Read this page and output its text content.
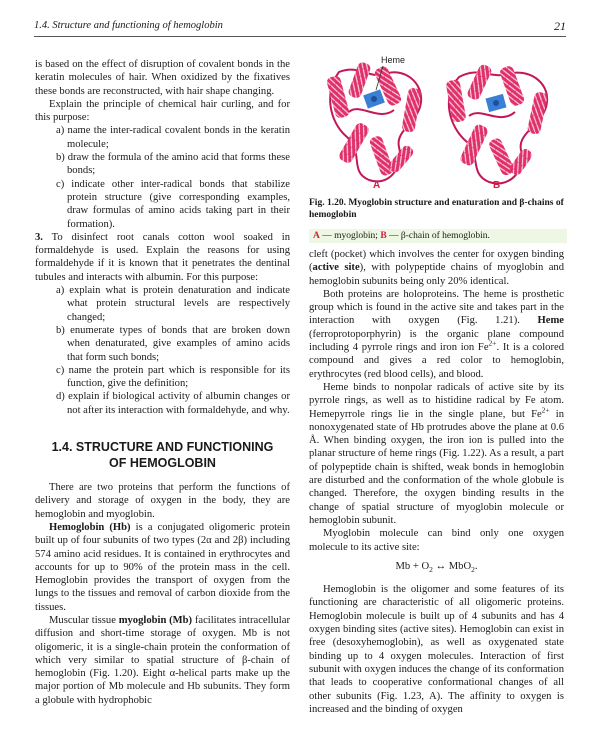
1.4. Structure and functioning of hemoglobin	21

is based on the effect of disruption of covalent bonds in the keratin molecules of hair. When oxidized by the fixatives these bonds are reconstructed, with hair shape changing.

Explain the principle of chemical hair curling, and for this purpose:

a) name the inter-radical covalent bonds in the keratin molecule;

b) draw the formula of the amino acid that forms these bonds;

c) indicate other inter-radical bonds that stabilize protein structure (give corresponding examples, draw formulas of amino acids taking part in their formation).

3. To disinfect root canals cotton wool soaked in formaldehyde is used. Explain the reasons for using formaldehyde if it is known that it penetrates the dentinal tubules and interacts with albumin. For this purpose:

a) explain what is protein denaturation and indicate what protein structural levels are respectively changed;

b) enumerate types of bonds that are broken down when denaturated, give examples of amino acids that form such bonds;

c) name the protein part which is responsible for its function, give the definition;

d) explain if biological activity of albumin changes or not after its interaction with formaldehyde, and why.

1.4. STRUCTURE AND FUNCTIONING
OF HEMOGLOBIN

There are two proteins that perform the functions of delivery and storage of oxygen in the body, they are hemoglobin and myoglobin.

Hemoglobin (Hb) is a conjugated oligomeric protein built up of four subunits of two types (2α and 2β) including 574 amino acid residues. It is contained in erythrocytes and accounts for up to 90% of the protein mass in the cell. Hemoglobin provides the transport of oxygen from the lungs to the tissues and removal of carbon dioxide from the tissues.

Muscular tissue myoglobin (Mb) facilitates intracellular diffusion and short-time storage of oxygen. Mb is not oligomeric, it is a single-chain protein the conformation of which very similar to spatial structure of β-chain of hemoglobin (Fig. 1.20). Eight α-helical parts make up the major portion of Mb molecule and Hb subunits. They form a globule with hydrophobic

Heme
A	B
Fig. 1.20. Myoglobin structure and enaturation and β-chains of hemoglobin
A — myoglobin; B — β-chain of hemoglobin.

cleft (pocket) which involves the center for oxygen binding (active site), with polypeptide chains of myoglobin and hemoglobin subunits being only 20% identical.

Both proteins are holoproteins. The heme is prosthetic group which is found in the active site and takes part in the interaction with oxygen (Fig. 1.21). Heme (ferroprotoporphyrin) is the organic plane compound including 4 pyrrole rings and iron ion $Fe^{2+}$. It is a colored compound and gives a red color to hemoglobin, erythrocytes (red blood cells), and blood.

Heme binds to nonpolar radicals of active site by its pyrrole rings, as well as to histidine radical by Fe atom. Hemepyrrole rings lie in the single plane, but $Fe^{2+}$ in nonoxygenated state of Hb protrudes above the plane at 0.6 Å. When binding oxygen, the iron ion is pulled into the planar structure of heme rings (Fig. 1.22). As a result, a part of polypeptide chain is shifted, weak bonds in hemoglobin are disturbed and the conformation of the whole globule is changed. Therefore, the oxygen binding results in the change of spatial structure of myoglobin molecule or hemoglobin subunit.

Myoglobin molecule can bind only one oxygen molecule to its active site:

$Mb + O_2$ ↔ MbO$_2$.

Hemoglobin is the oligomer and some features of its functioning are characteristic of all oligomeric proteins. Hemoglobin molecule is built up of 4 subunits and has 4 oxygen binding sites (active sites). Hemoglobin can exist in free (desoxyhemoglobin), as well as oxygenated state binding up to 4 oxygen molecules. Interaction of first subunit with oxygen induces the change of its conformation that leads to cooperative conformational changes of all other subunits (Fig. 1.23, A). The affinity to oxygen is increased and the binding of oxygen
